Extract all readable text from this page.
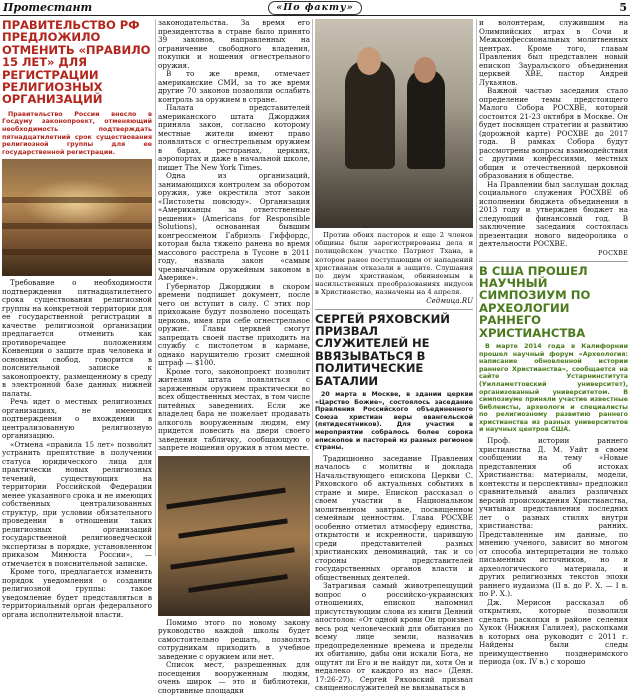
Протестант	«По факту»	5
ПРАВИТЕЛЬСТВО РФ ПРЕДЛОЖИЛО ОТМЕНИТЬ «ПРАВИЛО 15 ЛЕТ» ДЛЯ РЕГИСТРАЦИИ РЕЛИГИОЗНЫХ ОРГАНИЗАЦИЙ
Правительство России внесло в Госдуму законопроект, отменяющий необходимость подтверждать пятнадцатилетний срок существования религиозной группы для ее государственной регистрации.

Требование о необходимости подтверждения пятнадцатилетнего срока существования религиозной группы на конкретной территории для ее государственной регистрации в качестве религиозной организации предлагается отменить как противоречащее положениям Конвенции о защите прав человека и основных свобод, говорится в пояснительной записке к законопроекту, размещенному в среду в электронной базе данных нижней палаты.

Речь идет о местных религиозных организациях, не имеющих подтверждения о вхождении в централизованную религиозную организацию.

«Отмена «правила 15 лет» позволит устранить препятствие в получении статуса юридического лица для практически новых религиозных течений, существующих на территории Российской Федерации менее указанного срока и не имеющих собственных централизованных структур, при условии обязательного проведения в отношении таких религиозных организаций государственной религиоведческой экспертизы в порядке, установленном приказом Минюста России», — отмечается в пояснительной записке.

Кроме того, предлагается изменить порядок уведомления о создании религиозной группы: такое уведомление будет представляться в территориальный орган федерального органа исполнительной власти.

законодательства. За время его президентства в стране было принято 39 законов, направленных на ограничение свободного владения, покупки и ношения огнестрельного оружия.

В то же время, отмечает американские СМИ, за то же время другие 70 законов позволили ослабить контроль за оружием в стране.

Палата представителей американского штата Джорджия приняла закон, согласно которому местные жители имеют право появляться с огнестрельным оружием в барах, ресторанах, церквях, аэропортах и даже в начальной школе, пишет The New York Times.

Одна из организаций, занимающихся контролем за оборотом оружия, уже окрестила этот закон «Пистолеты повсюду». Организация «Американцы за ответственные решения» (Americans for Responsible Solutions), основанная бывшим конгрессменом Габриэль Гиффордс, которая была тяжело ранена во время массового расстрела в Тусоне в 2011 году, назвала закон «самым чрезвычайным оружейным законом в Америке».

Губернатор Джорджии в скором времени подпишет документ, после чего он вступит в силу. С этих пор прихожане будут позволено посещать церковь, имея при себе огнестрельное оружие. Главы церквей смогут запрещать своей пастве приходить на службу с пистолетом в кармане, однако нарушителю грозит смешной штраф — $100.

Кроме того, законопроект позволит жителям штата появляться с заряженным оружием практически во всех общественных местах, в том числе питейных заведениях. Если же владелец бара не пожелает продавать алкоголь вооруженным людям, ему придется повесить на двери своего заведения табличку, сообщающую о запрете ношения оружия в этом месте.

Помимо этого по новому закону руководство каждой школы будет самостоятельно решать, позволять сотрудникам приходить в учебное заведение с оружием или нет.

Список мест, разрешенных для посещения вооруженным людям, очень широк — это и библиотеки, спортивные площадки

Против обоих пасторов и еще 2 членов общины были зарегистрированы дела и полицейском участке Патриот Тхана, в котором ранее поступающим от нападений христианам отказали в защите. Слушания по двум христианам, обвиняемым в насильственных преобразованиях индусов в Христианство, назначены на 4 апреля.

Седмица.RU
СЕРГЕЙ РЯХОВСКИЙ ПРИЗВАЛ СЛУЖИТЕЛЕЙ НЕ ВВЯЗЫВАТЬСЯ В ПОЛИТИЧЕСКИЕ БАТАЛИИ
20 марта в Москве, в здании церкви «Царство Божие», состоялось заседание Правления Российского объединенного Союза христиан веры евангельской (пятидесятников). Для участия в мероприятии собралось более сорока епископов и пасторей из разных регионов страны.

Традиционно заседание Правления началось с молитвы и доклада Начальствующего епископа Церкви С. Ряховского об актуальных событиях в стране и мире. Епископ рассказал о своем участии в Национальном молитвенном завтраке, посвященном семейным ценностям. Глава РОСХВЕ особенно отметил атмосферу единства, открытости и искренности, царившую среди представителей разных христианских деноминаций, так и со стороны представителей государственных органов власти и общественных деятелей.

Затрагивая самый животрепещущий вопрос о российско-украинских отношениях, епископ напомнил присутствующим слова из книги Деяний апостолов: «От одной крови Он произвел весь род человеческий для обитания по всему лице земли, назначив предопределенные времена и пределы их обитанию, дабы они искали Бога, не ощутят ли Его и не найдут ли, хотя Он и недалеко от каждого из нас» (Деян. 17:26-27). Сергей Ряховский призвал священнослужителей не ввязываться в

и волонтерам, служившим на Олимпийских играх в Сочи и Межконфессиональных молитвенных центрах. Кроме того, главам Правления был представлен новый епископ Зауральского объединения церквей ХВЕ, пастор Андрей Лукьянов.

Важной частью заседания стало определение темы предстоящего Малого Собора РОСХВЕ, который состоится 21-23 октября в Москве. Он будет посвящен стратегии и развитию (дорожной карте) РОСХВЕ до 2017 года. В рамках Собора будут рассмотрены вопросы взаимодействия с другими конфессиями, местных общин и отечественной церковной образования в обществе.

На Правлении был заслушан доклад социального служения РОСХВЕ об исполнении бюджета объединения в 2013 году и утвержден бюджет на следующий финансовый год. В заключение заседания состоялась презентация нового видеоролика о деятельности РОСХВЕ.

РОСХВЕ
В США ПРОШЕЛ НАУЧНЫЙ СИМПОЗИУМ ПО АРХЕОЛОГИИ РАННЕГО ХРИСТИАНСТВА
В марте 2014 года в Калифорнии прошел научный форум «Археология: написание обновленной истории раннего Христианства», сообщается на сайте Устарнинститута (Уилламеттовский университет), организованный университетом. В симпозиуме приняли участие известные библеисты, археологи и специалисты по религиозному развитию раннего христианства из разных университетов и научных центров США.

Проф. истории раннего христианства Д. М. Уайт в своем сообщении на тему «Новые представления об истоках Христианства: материалы, модели, контексты и перспективы» предложил сравнительный анализ различных версий происхождения Христианства, учитывая представления последних лет о разных стилях внутри христианства: ранних. Представленные им данные, по мнению ученого, зависит во многом от способа интерпретации не только письменных источников, но и археологического материала, и других религиозных текстов эпохи раннего иудаизма (II в. до Р. Х. — I в. по Р. Х.).

Дж. Мерисон рассказал об открытиях, которые позволили сделать раскопки в районе селения Хукок (Нижняя Галилея), раскопками в которых она руководит с 2011 г. Найдены были следы преимущественно позднеримского периода (ок. IV в.) с хорошо
